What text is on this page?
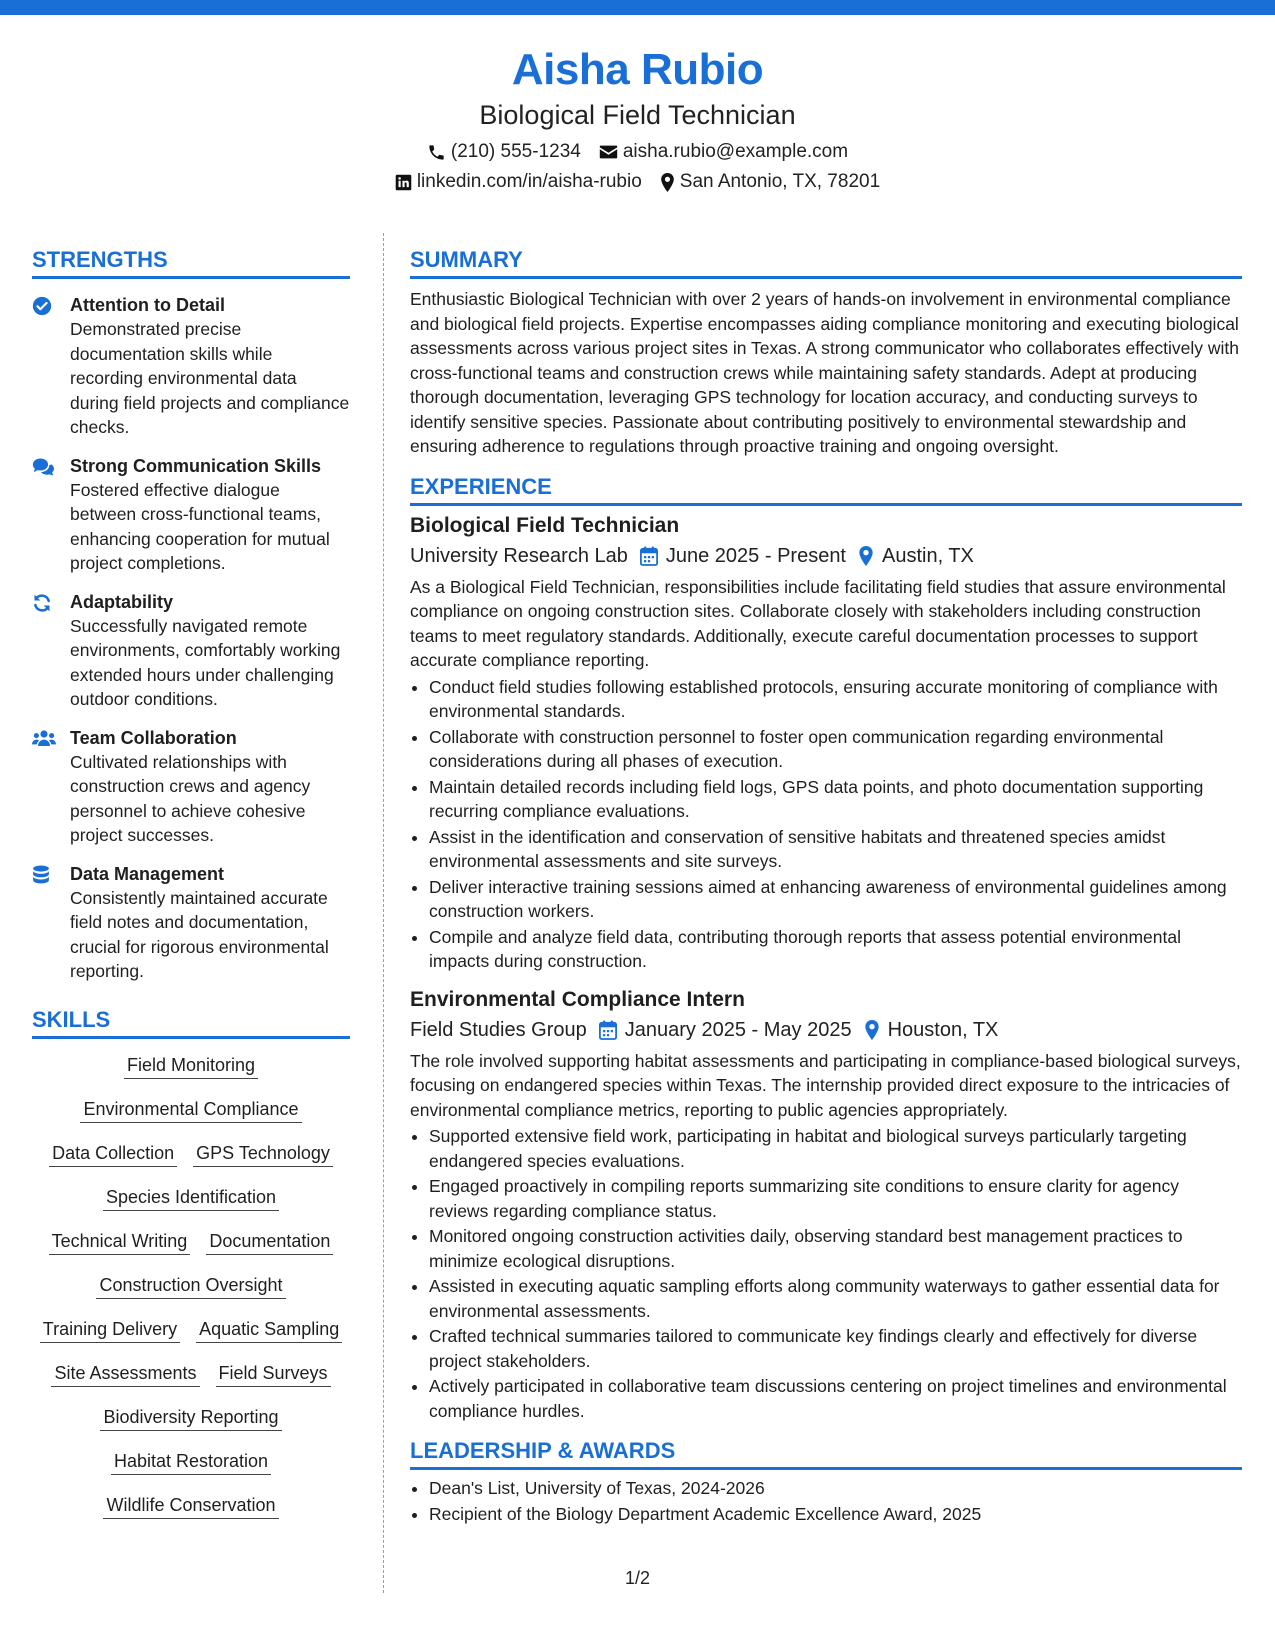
Aisha Rubio
Biological Field Technician
(210) 555-1234 aisha.rubio@example.com
linkedin.com/in/aisha-rubio San Antonio, TX, 78201
STRENGTHS
Attention to Detail
Demonstrated precise documentation skills while recording environmental data during field projects and compliance checks.
Strong Communication Skills
Fostered effective dialogue between cross-functional teams, enhancing cooperation for mutual project completions.
Adaptability
Successfully navigated remote environments, comfortably working extended hours under challenging outdoor conditions.
Team Collaboration
Cultivated relationships with construction crews and agency personnel to achieve cohesive project successes.
Data Management
Consistently maintained accurate field notes and documentation, crucial for rigorous environmental reporting.
SKILLS
Field Monitoring
Environmental Compliance
Data Collection GPS Technology
Species Identification
Technical Writing Documentation
Construction Oversight
Training Delivery Aquatic Sampling
Site Assessments Field Surveys
Biodiversity Reporting
Habitat Restoration
Wildlife Conservation
SUMMARY

Enthusiastic Biological Technician with over 2 years of hands-on involvement in environmental compliance and biological field projects. Expertise encompasses aiding compliance monitoring and executing biological assessments across various project sites in Texas. A strong communicator who collaborates effectively with cross-functional teams and construction crews while maintaining safety standards. Adept at producing thorough documentation, leveraging GPS technology for location accuracy, and conducting surveys to identify sensitive species. Passionate about contributing positively to environmental stewardship and ensuring adherence to regulations through proactive training and ongoing oversight.

EXPERIENCE
Biological Field Technician
University Research Lab June 2025 - Present Austin, TX

As a Biological Field Technician, responsibilities include facilitating field studies that assure environmental compliance on ongoing construction sites. Collaborate closely with stakeholders including construction teams to meet regulatory standards. Additionally, execute careful documentation processes to support accurate compliance reporting.

• Conduct field studies following established protocols, ensuring accurate monitoring of compliance with environmental standards.
• Collaborate with construction personnel to foster open communication regarding environmental considerations during all phases of execution.
• Maintain detailed records including field logs, GPS data points, and photo documentation supporting recurring compliance evaluations.
• Assist in the identification and conservation of sensitive habitats and threatened species amidst environmental assessments and site surveys.
• Deliver interactive training sessions aimed at enhancing awareness of environmental guidelines among construction workers.
• Compile and analyze field data, contributing thorough reports that assess potential environmental impacts during construction.
Environmental Compliance Intern
Field Studies Group January 2025 - May 2025 Houston, TX

The role involved supporting habitat assessments and participating in compliance-based biological surveys, focusing on endangered species within Texas. The internship provided direct exposure to the intricacies of environmental compliance metrics, reporting to public agencies appropriately.

• Supported extensive field work, participating in habitat and biological surveys particularly targeting endangered species evaluations.
• Engaged proactively in compiling reports summarizing site conditions to ensure clarity for agency reviews regarding compliance status.
• Monitored ongoing construction activities daily, observing standard best management practices to minimize ecological disruptions.
• Assisted in executing aquatic sampling efforts along community waterways to gather essential data for environmental assessments.
• Crafted technical summaries tailored to communicate key findings clearly and effectively for diverse project stakeholders.
• Actively participated in collaborative team discussions centering on project timelines and environmental compliance hurdles.
LEADERSHIP & AWARDS
• Dean's List, University of Texas, 2024-2026
• Recipient of the Biology Department Academic Excellence Award, 2025
1/2
